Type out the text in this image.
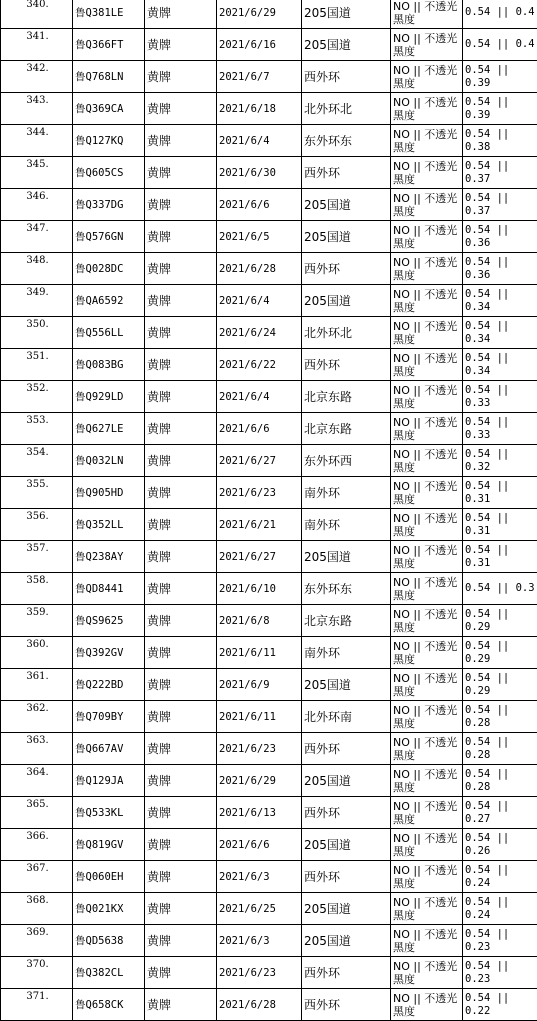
340.	鲁Q381LE	黄牌	2021/6/29	205国道	NO || 不透光黑度	0.54 || 0.4
341.	鲁Q366FT	黄牌	2021/6/16	205国道	NO || 不透光黑度	0.54 || 0.4
342.	鲁Q768LN	黄牌	2021/6/7	西外环	NO || 不透光黑度	0.54 || 0.39
343.	鲁Q369CA	黄牌	2021/6/18	北外环北	NO || 不透光黑度	0.54 || 0.39
344.	鲁Q127KQ	黄牌	2021/6/4	东外环东	NO || 不透光黑度	0.54 || 0.38
345.	鲁Q605CS	黄牌	2021/6/30	西外环	NO || 不透光黑度	0.54 || 0.37
346.	鲁Q337DG	黄牌	2021/6/6	205国道	NO || 不透光黑度	0.54 || 0.37
347.	鲁Q576GN	黄牌	2021/6/5	205国道	NO || 不透光黑度	0.54 || 0.36
348.	鲁Q028DC	黄牌	2021/6/28	西外环	NO || 不透光黑度	0.54 || 0.36
349.	鲁QA6592	黄牌	2021/6/4	205国道	NO || 不透光黑度	0.54 || 0.34
350.	鲁Q556LL	黄牌	2021/6/24	北外环北	NO || 不透光黑度	0.54 || 0.34
351.	鲁Q083BG	黄牌	2021/6/22	西外环	NO || 不透光黑度	0.54 || 0.34
352.	鲁Q929LD	黄牌	2021/6/4	北京东路	NO || 不透光黑度	0.54 || 0.33
353.	鲁Q627LE	黄牌	2021/6/6	北京东路	NO || 不透光黑度	0.54 || 0.33
354.	鲁Q032LN	黄牌	2021/6/27	东外环西	NO || 不透光黑度	0.54 || 0.32
355.	鲁Q905HD	黄牌	2021/6/23	南外环	NO || 不透光黑度	0.54 || 0.31
356.	鲁Q352LL	黄牌	2021/6/21	南外环	NO || 不透光黑度	0.54 || 0.31
357.	鲁Q238AY	黄牌	2021/6/27	205国道	NO || 不透光黑度	0.54 || 0.31
358.	鲁QD8441	黄牌	2021/6/10	东外环东	NO || 不透光黑度	0.54 || 0.3
359.	鲁QS9625	黄牌	2021/6/8	北京东路	NO || 不透光黑度	0.54 || 0.29
360.	鲁Q392GV	黄牌	2021/6/11	南外环	NO || 不透光黑度	0.54 || 0.29
361.	鲁Q222BD	黄牌	2021/6/9	205国道	NO || 不透光黑度	0.54 || 0.29
362.	鲁Q709BY	黄牌	2021/6/11	北外环南	NO || 不透光黑度	0.54 || 0.28
363.	鲁Q667AV	黄牌	2021/6/23	西外环	NO || 不透光黑度	0.54 || 0.28
364.	鲁Q129JA	黄牌	2021/6/29	205国道	NO || 不透光黑度	0.54 || 0.28
365.	鲁Q533KL	黄牌	2021/6/13	西外环	NO || 不透光黑度	0.54 || 0.27
366.	鲁Q819GV	黄牌	2021/6/6	205国道	NO || 不透光黑度	0.54 || 0.26
367.	鲁Q060EH	黄牌	2021/6/3	西外环	NO || 不透光黑度	0.54 || 0.24
368.	鲁Q021KX	黄牌	2021/6/25	205国道	NO || 不透光黑度	0.54 || 0.24
369.	鲁QD5638	黄牌	2021/6/3	205国道	NO || 不透光黑度	0.54 || 0.23
370.	鲁Q382CL	黄牌	2021/6/23	西外环	NO || 不透光黑度	0.54 || 0.23
371.	鲁Q658CK	黄牌	2021/6/28	西外环	NO || 不透光黑度	0.54 || 0.22
